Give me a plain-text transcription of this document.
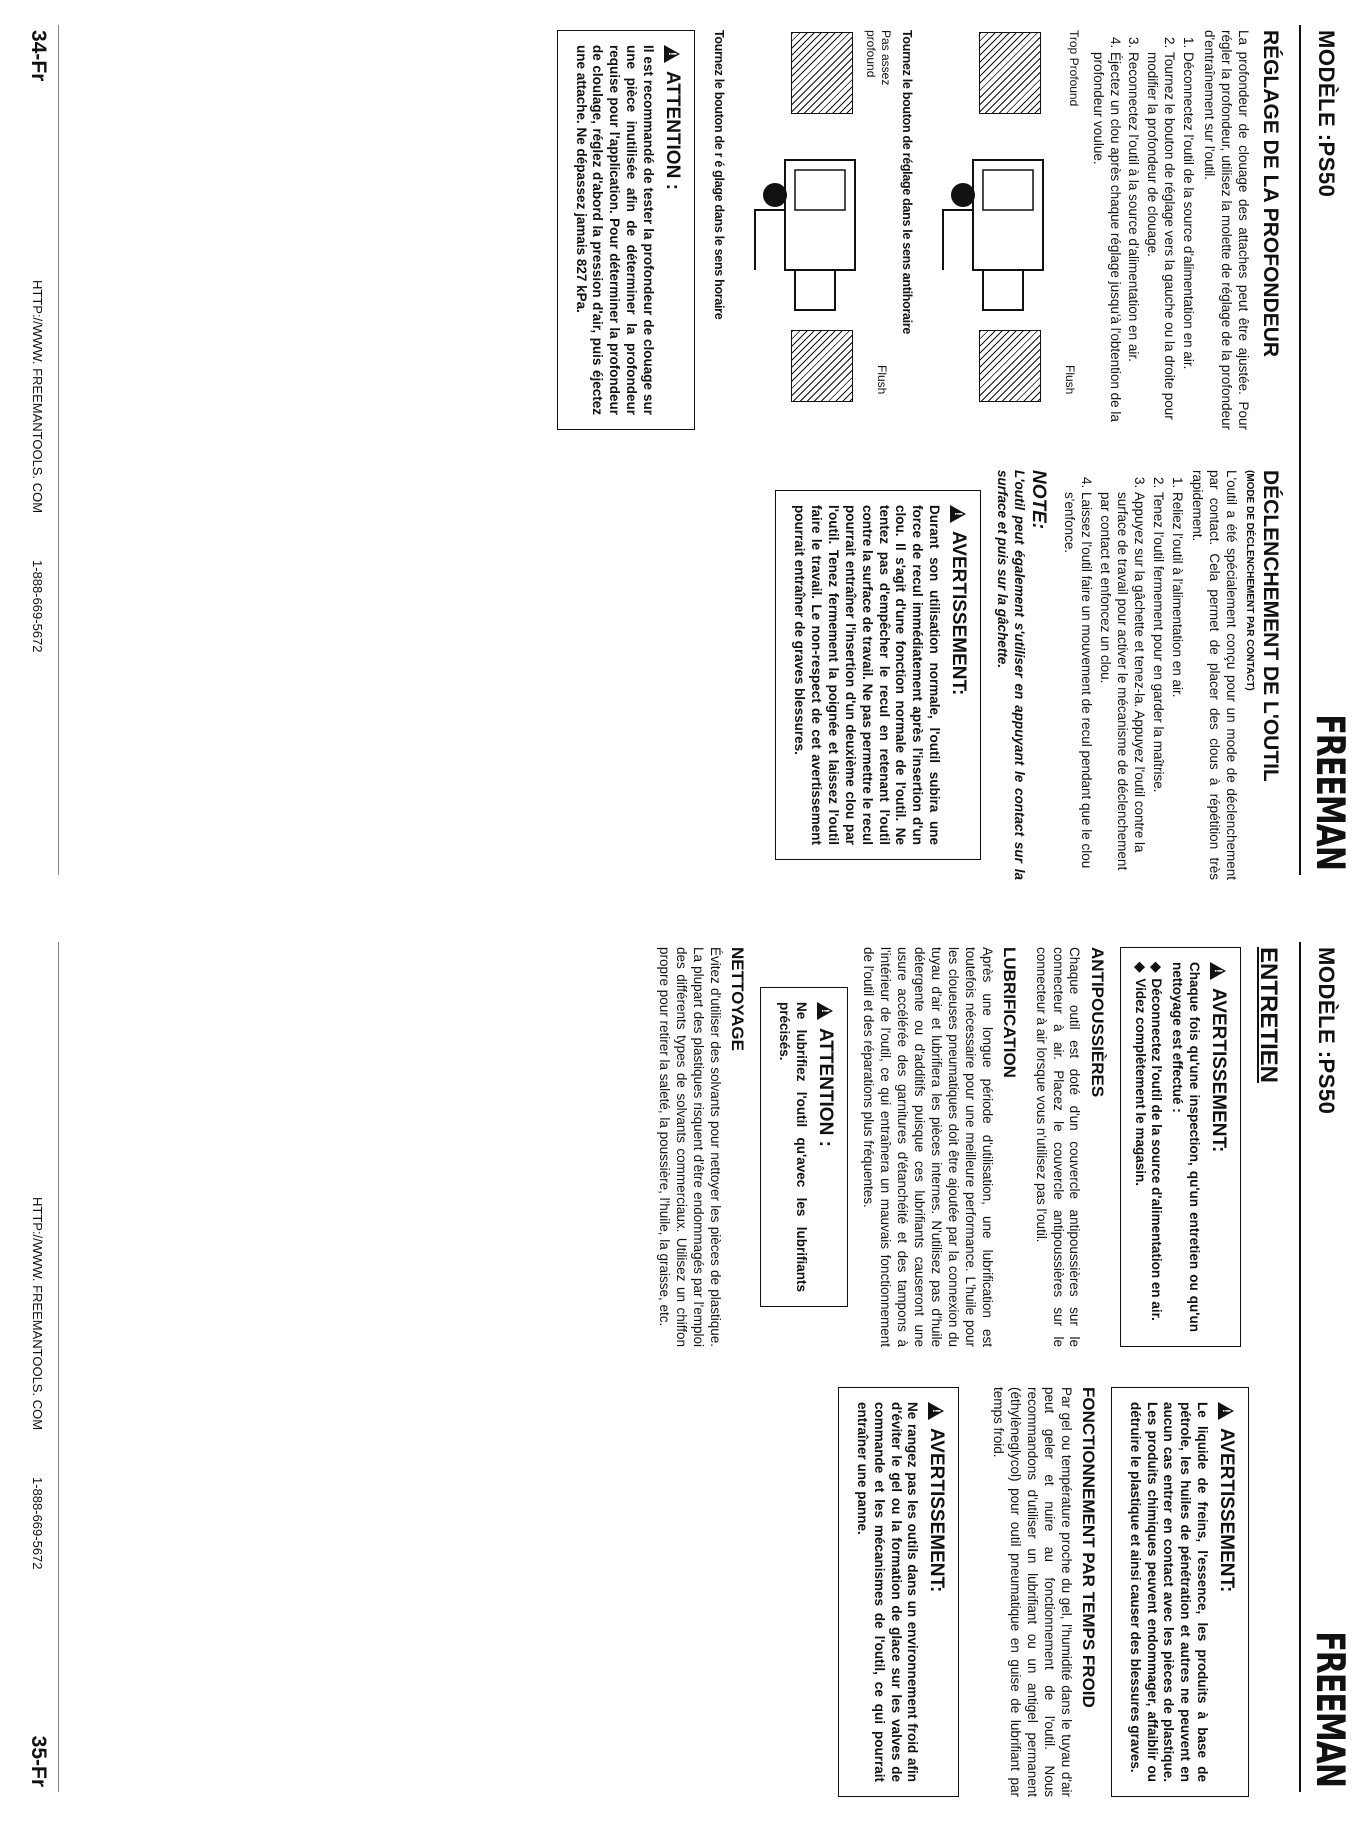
MODÈLE :PS50
FREEMAN
RÉGLAGE DE LA PROFONDEUR

La profondeur de clouage des attaches peut être ajustée. Pour régler la profondeur, utilisez la molette de réglage de la profondeur d'entraînement sur l'outil.

1. Déconnectez l'outil de la source d'alimentation en air.
2. Tournez le bouton de réglage vers la gauche ou la droite pour modifier la profondeur de clouage.
3. Reconnectez l'outil à la source d'alimentation en air.
4. Éjectez un clou après chaque réglage jusqu'à l'obtention de la profondeur voulue.
Trop Profound
Flush
Tournez le bouton de réglage dans le sens antihoraire
Pas assez profound
Flush
Tournez le bouton de r é glage dans le sens horaire
!
ATTENTION :

Il est recommandé de tester la profondeur de clouage sur une pièce inutilisée afin de déterminer la profondeur requise pour l'application. Pour déterminer la profondeur de cloulage, réglez d'abord la pression d'air, puis éjectez une attache. Ne dépassez jamais 827 kPa.

DÉCLENCHEMENT DE L'OUTIL
(MODE DE DÉCLENCHEMENT PAR CONTACT)

L'outil a été spécialement conçu pour un mode de déclenchement par contact. Cela permet de placer des clous à répétition très rapidement.

1. Reliez l'outil à l'alimentation en air.
2. Tenez l'outil fermement pour en garder la maîtrise.
3. Appuyez sur la gâchette et tenez-la. Appuyez l'outil contre la surface de travail pour activer le mécanisme de déclenchement par contact et enfoncez un clou.
4. Laissez l'outil faire un mouvement de recul pendant que le clou s'enfonce.
NOTE:

L'outil peut également s'utiliser en appuyant le contact sur la surface et puis sur la gâchette.

!
AVERTISSEMENT:

Durant son utilisation normale, l'outil subira une force de recul immédiatement après l'insertion d'un clou. Il s'agit d'une fonction normale de l'outil. Ne tentez pas d'empêcher le recul en retenant l'outil contre la surface de travail. Ne pas permettre le recul pourrait entraîner l'insertion d'un deuxième clou par l'outil. Tenez fermement la poignée et laissez l'outil faire le travail. Le non-respect de cet avertissement pourrait entraîner de graves blessures.

34-Fr
HTTP://WWW. FREEMANTOOLS. COM
1-888-669-5672
MODÈLE :PS50
FREEMAN
ENTRETIEN
!
AVERTISSEMENT:

Chaque fois qu'une inspection, qu'un entretien ou qu'un nettoyage est effectué :

◆
Déconnectez l'outil de la source d'alimentation en air.
◆
Videz complètement le magasin.
ANTIPOUSSIÈRES

Chaque outil est doté d'un couvercle antipoussières sur le connecteur à air. Placez le couvercle antipoussières sur le connecteur à air lorsque vous n'utilisez pas l'outil.

LUBRIFICATION

Après une longue période d'utilisation, une lubrification est toutefois nécessaire pour une meilleure performance. L'huile pour les cloueuses pneumatiques doit être ajoutée par la connexion du tuyau d'air et lubrifiera les pièces internes. N'utilisez pas d'huile détergente ou d'additifs puisque ces lubrifiants causeront une usure accélérée des garnitures d'étanchéité et des tampons à l'intérieur de l'outil, ce qui entraînera un mauvais fonctionnement de l'outil et des réparations plus fréquentes.

!
ATTENTION :

Ne lubrifiez l'outil qu'avec les lubrifiants précisés.

NETTOYAGE

Évitez d'utiliser des solvants pour nettoyer les pièces de plastique. La plupart des plastiques risquent d'être endommagés par l'emploi des différents types de solvants commerciaux. Utilisez un chiffon propre pour retirer la saleté, la poussière, l'huile, la graisse, etc.

!
AVERTISSEMENT:

Le liquide de freins, l'essence, les produits à base de pétrole, les huiles de pénétration et autres ne peuvent en aucun cas entrer en contact avec les pièces de plastique. Les produits chimiques peuvent endommager, affaiblir ou détruire le plastique et ainsi causer des blessures graves.

FONCTIONNEMENT PAR TEMPS FROID

Par gel ou température proche du gel, l'humidité dans le tuyau d'air peut geler et nuire au fonctionnement de l'outil. Nous recommandons d'utiliser un lubrifiant ou un antigel permanent (éthylèneglycol) pour outil pneumatique en guise de lubrifiant par temps froid.

!
AVERTISSEMENT:

Ne rangez pas les outils dans un environnement froid afin d'éviter le gel ou la formation de glace sur les valves de commande et les mécanismes de l'outil, ce qui pourrait entraîner une panne.

HTTP://WWW. FREEMANTOOLS. COM
1-888-669-5672
35-Fr
